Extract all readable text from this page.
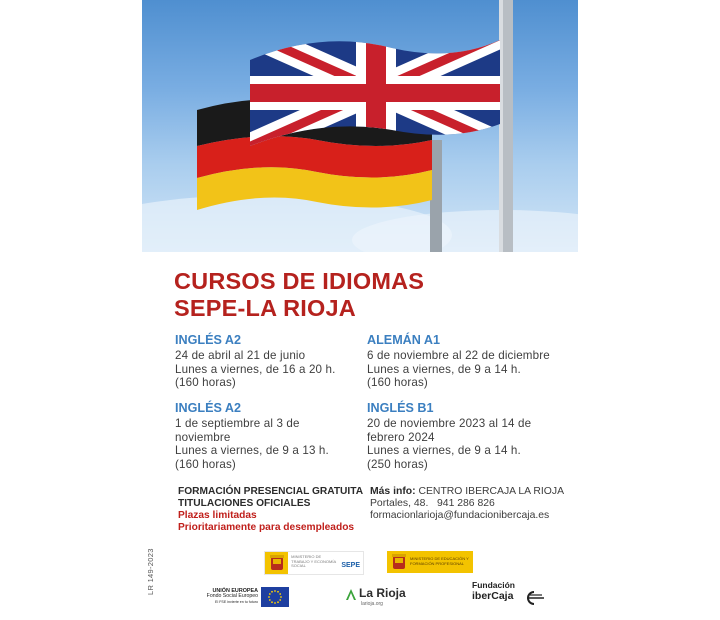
CURSOS DE IDIOMAS
SEPE-LA RIOJA
INGLÉS A2
24 de abril al 21 de junio
Lunes a viernes, de 16 a 20 h.
(160 horas)
ALEMÁN A1
6 de noviembre al 22 de diciembre
Lunes a viernes, de 9 a 14 h.
(160 horas)
INGLÉS A2
1 de septiembre al 3 de
noviembre
Lunes a viernes, de 9 a 13 h.
(160 horas)
INGLÉS B1
20 de noviembre 2023 al 14 de
febrero 2024
Lunes a viernes, de 9 a 14 h.
(250 horas)
FORMACIÓN PRESENCIAL GRATUITA
TITULACIONES OFICIALES
Plazas limitadas
Prioritariamente para desempleados
Más info: CENTRO IBERCAJA LA RIOJA
Portales, 48. 941 286 826
formacionlarioja@fundacionibercaja.es
LR 149-2023	MINISTERIO DE TRABAJO Y ECONOMÍA SOCIAL	SEPE
MINISTERIO DE EDUCACIÓN Y FORMACIÓN PROFESIONAL
UNIÓN EUROPEA
Fondo Social Europeo
El FSE invierte en tu futuro
La Rioja
larioja.org
Fundación
iberCaja
